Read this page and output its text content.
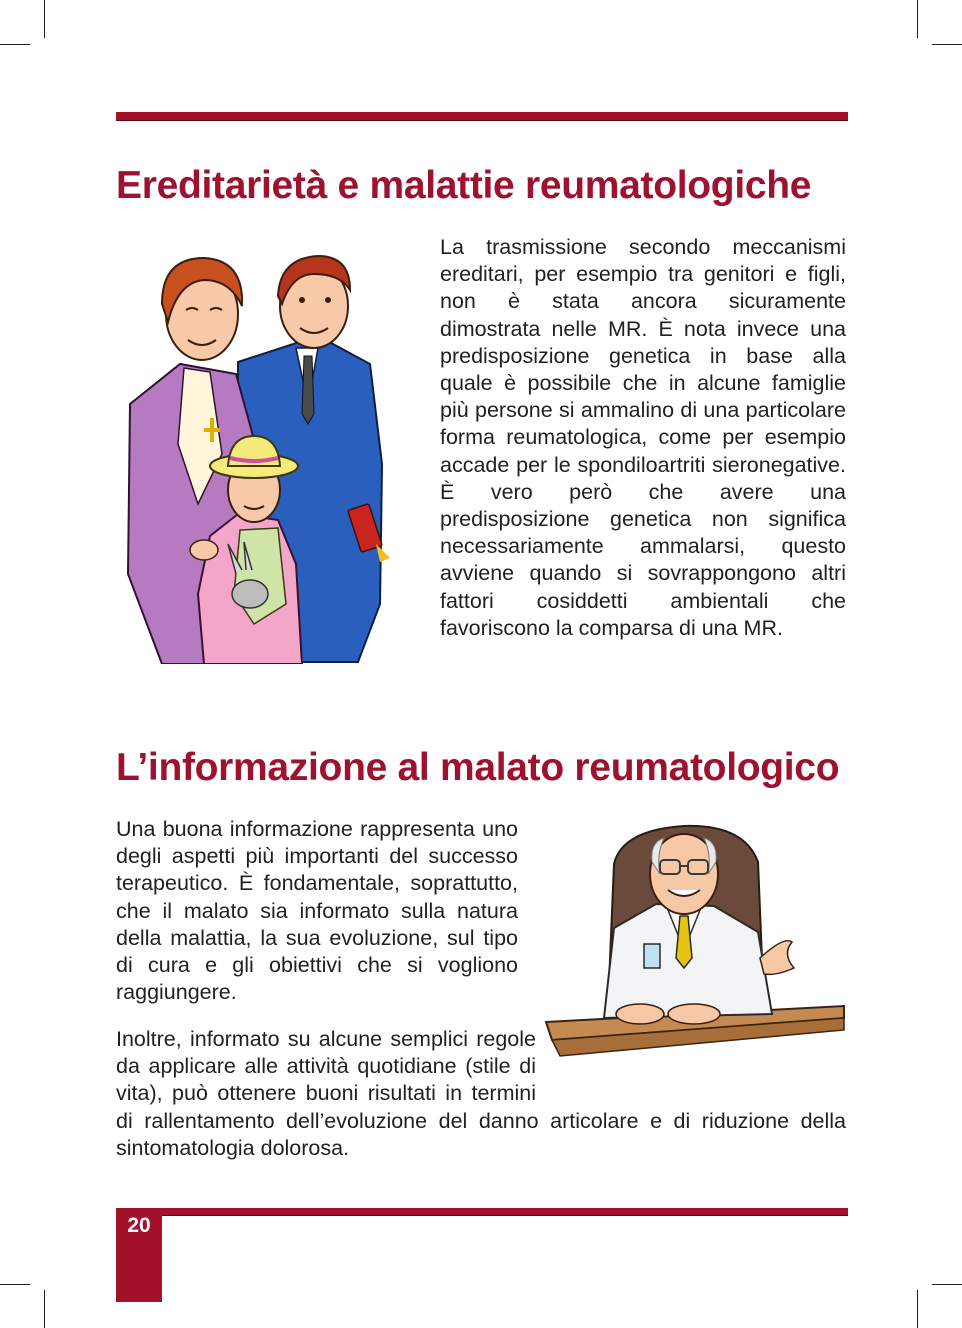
Ereditarietà e malattie reumatologiche

La trasmissione secondo meccanismi ereditari, per esempio tra genitori e figli, non è stata ancora sicuramente dimostrata nelle MR. È nota invece una predisposizione genetica in base alla quale è possibile che in alcune famiglie più persone si ammalino di una particolare forma reumatologica, come per esempio accade per le spondiloartriti sieronegative. È vero però che avere una predisposizione genetica non significa necessariamente ammalarsi, questo avviene quando si sovrappongono altri fattori cosiddetti ambientali che favoriscono la comparsa di una MR.

L’informazione al malato reumatologico

Una buona informazione rappresenta uno degli aspetti più importanti del successo terapeutico. È fondamentale, soprattutto, che il malato sia informato sulla natura della malattia, la sua evoluzione, sul tipo di cura e gli obiettivi che si vogliono raggiungere.

Inoltre, informato su alcune semplici regole da applicare alle attività quotidiane (stile di vita), può ottenere buoni risultati in termini di rallentamento dell’evoluzione del danno articolare e di riduzione della sintomatologia dolorosa.

20
